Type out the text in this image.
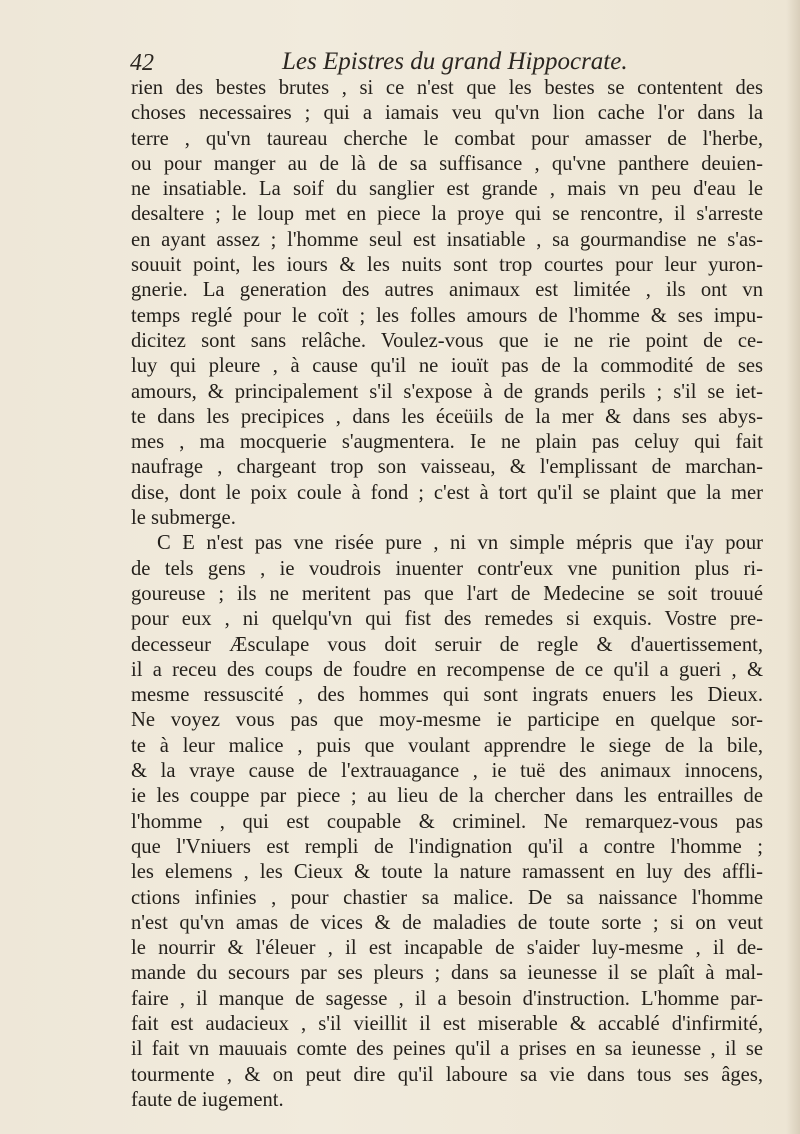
42	Les Epistres du grand Hippocrate.
rien des bestes brutes , si ce n'est que les bestes se contentent des
choses necessaires ; qui a iamais veu qu'vn lion cache l'or dans la
terre , qu'vn taureau cherche le combat pour amasser de l'herbe,
ou pour manger au de là de sa suffisance , qu'vne panthere deuien-
ne insatiable. La soif du sanglier est grande , mais vn peu d'eau le
desaltere ; le loup met en piece la proye qui se rencontre, il s'arreste
en ayant assez ; l'homme seul est insatiable , sa gourmandise ne s'as-
souuit point, les iours & les nuits sont trop courtes pour leur yuron-
gnerie. La generation des autres animaux est limitée , ils ont vn
temps reglé pour le coït ; les folles amours de l'homme & ses impu-
dicitez sont sans relâche. Voulez-vous que ie ne rie point de ce-
luy qui pleure , à cause qu'il ne iouït pas de la commodité de ses
amours, & principalement s'il s'expose à de grands perils ; s'il se iet-
te dans les precipices , dans les éceüils de la mer & dans ses abys-
mes , ma mocquerie s'augmentera. Ie ne plain pas celuy qui fait
naufrage , chargeant trop son vaisseau, & l'emplissant de marchan-
dise, dont le poix coule à fond ; c'est à tort qu'il se plaint que la mer
le submerge.
C E n'est pas vne risée pure , ni vn simple mépris que i'ay pour
de tels gens , ie voudrois inuenter contr'eux vne punition plus ri-
goureuse ; ils ne meritent pas que l'art de Medecine se soit trouué
pour eux , ni quelqu'vn qui fist des remedes si exquis. Vostre pre-
decesseur Æsculape vous doit seruir de regle & d'auertissement,
il a receu des coups de foudre en recompense de ce qu'il a gueri , &
mesme ressuscité , des hommes qui sont ingrats enuers les Dieux.
Ne voyez vous pas que moy-mesme ie participe en quelque sor-
te à leur malice , puis que voulant apprendre le siege de la bile,
& la vraye cause de l'extrauagance , ie tuë des animaux innocens,
ie les couppe par piece ; au lieu de la chercher dans les entrailles de
l'homme , qui est coupable & criminel. Ne remarquez-vous pas
que l'Vniuers est rempli de l'indignation qu'il a contre l'homme ;
les elemens , les Cieux & toute la nature ramassent en luy des affli-
ctions infinies , pour chastier sa malice. De sa naissance l'homme
n'est qu'vn amas de vices & de maladies de toute sorte ; si on veut
le nourrir & l'éleuer , il est incapable de s'aider luy-mesme , il de-
mande du secours par ses pleurs ; dans sa ieunesse il se plaît à mal-
faire , il manque de sagesse , il a besoin d'instruction. L'homme par-
fait est audacieux , s'il vieillit il est miserable & accablé d'infirmité,
il fait vn mauuais comte des peines qu'il a prises en sa ieunesse , il se
tourmente , & on peut dire qu'il laboure sa vie dans tous ses âges,
faute de iugement.
